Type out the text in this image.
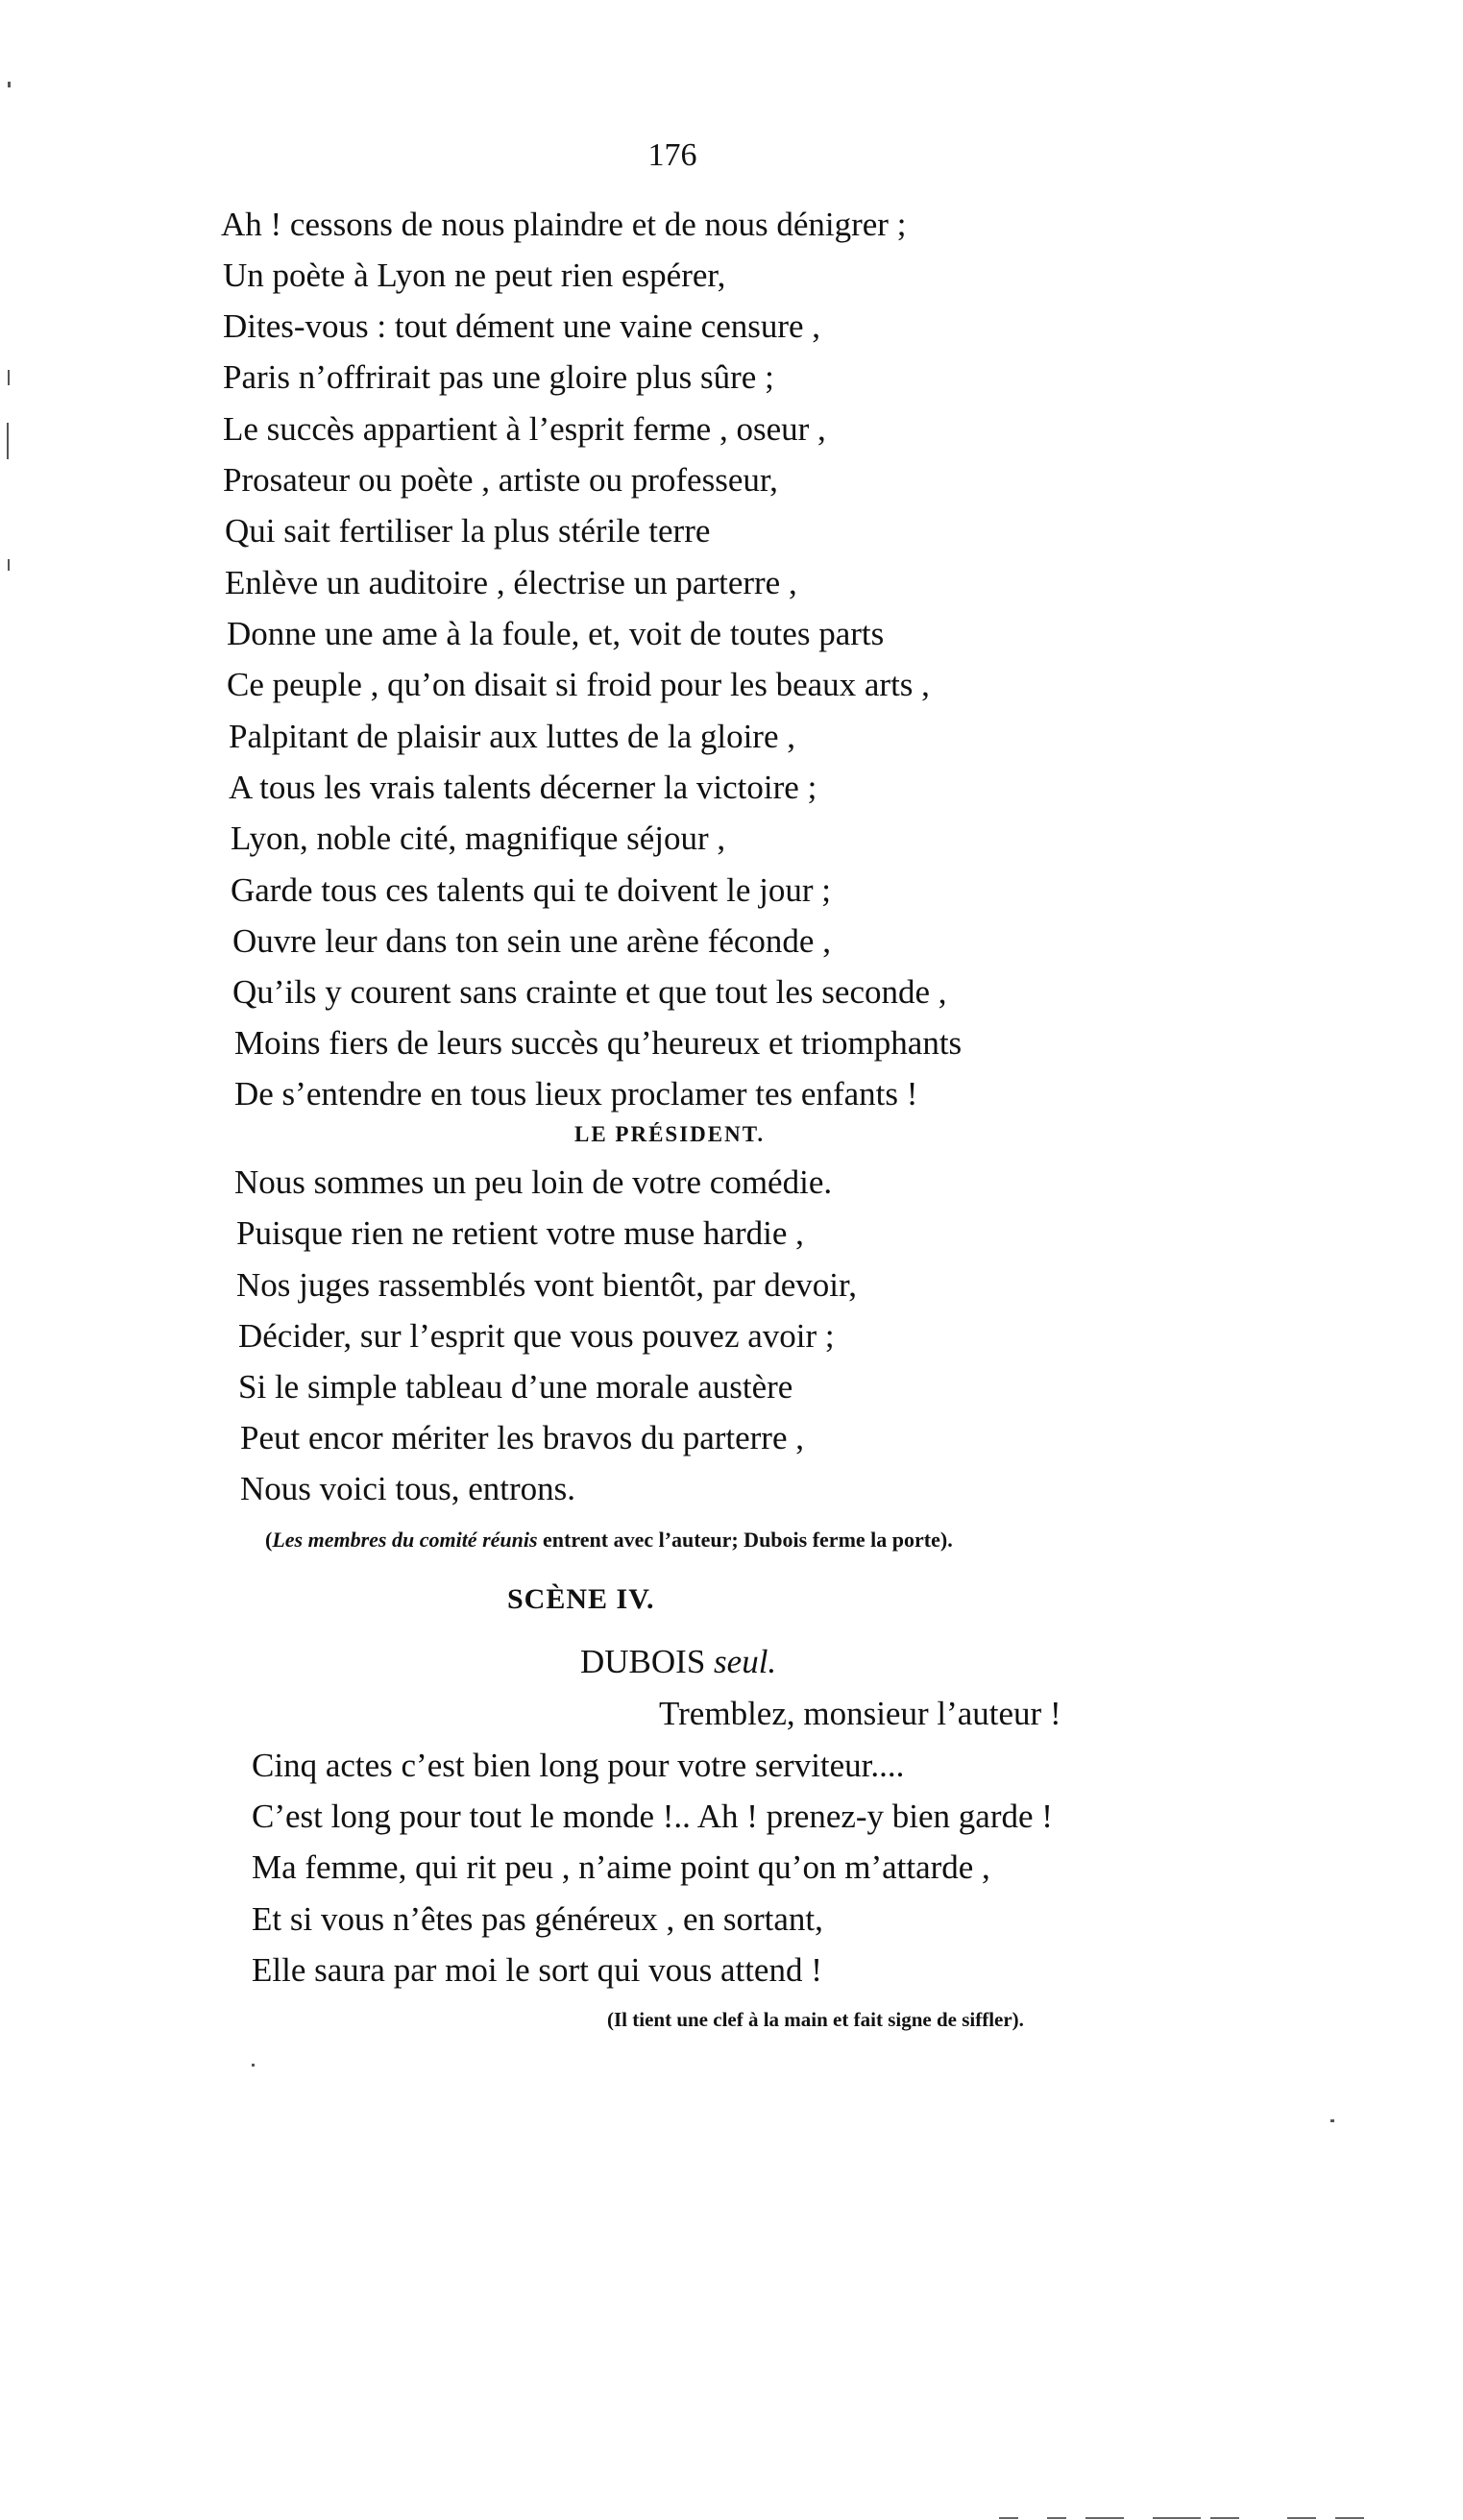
176
Ah ! cessons de nous plaindre et de nous dénigrer ;
Un poète à Lyon ne peut rien espérer,
Dites-vous : tout dément une vaine censure ,
Paris n’offrirait pas une gloire plus sûre ;
Le succès appartient à l’esprit ferme , oseur ,
Prosateur ou poète , artiste ou professeur,
Qui sait fertiliser la plus stérile terre
Enlève un auditoire , électrise un parterre ,
Donne une ame à la foule, et, voit de toutes parts
Ce peuple , qu’on disait si froid pour les beaux arts ,
Palpitant de plaisir aux luttes de la gloire ,
A tous les vrais talents décerner la victoire ;
Lyon, noble cité, magnifique séjour ,
Garde tous ces talents qui te doivent le jour ;
Ouvre leur dans ton sein une arène féconde ,
Qu’ils y courent sans crainte et que tout les seconde ,
Moins fiers de leurs succès qu’heureux et triomphants
De s’entendre en tous lieux proclamer tes enfants !
LE PRÉSIDENT.
Nous sommes un peu loin de votre comédie.
Puisque rien ne retient votre muse hardie ,
Nos juges rassemblés vont bientôt, par devoir,
Décider, sur l’esprit que vous pouvez avoir ;
Si le simple tableau d’une morale austère
Peut encor mériter les bravos du parterre ,
Nous voici tous, entrons.
(Les membres du comité réunis entrent avec l’auteur; Dubois ferme la porte).
SCÈNE IV.
DUBOIS seul.
Tremblez, monsieur l’auteur !
Cinq actes c’est bien long pour votre serviteur....
C’est long pour tout le monde !.. Ah ! prenez-y bien garde !
Ma femme, qui rit peu , n’aime point qu’on m’attarde ,
Et si vous n’êtes pas généreux , en sortant,
Elle saura par moi le sort qui vous attend !
(Il tient une clef à la main et fait signe de siffler).
